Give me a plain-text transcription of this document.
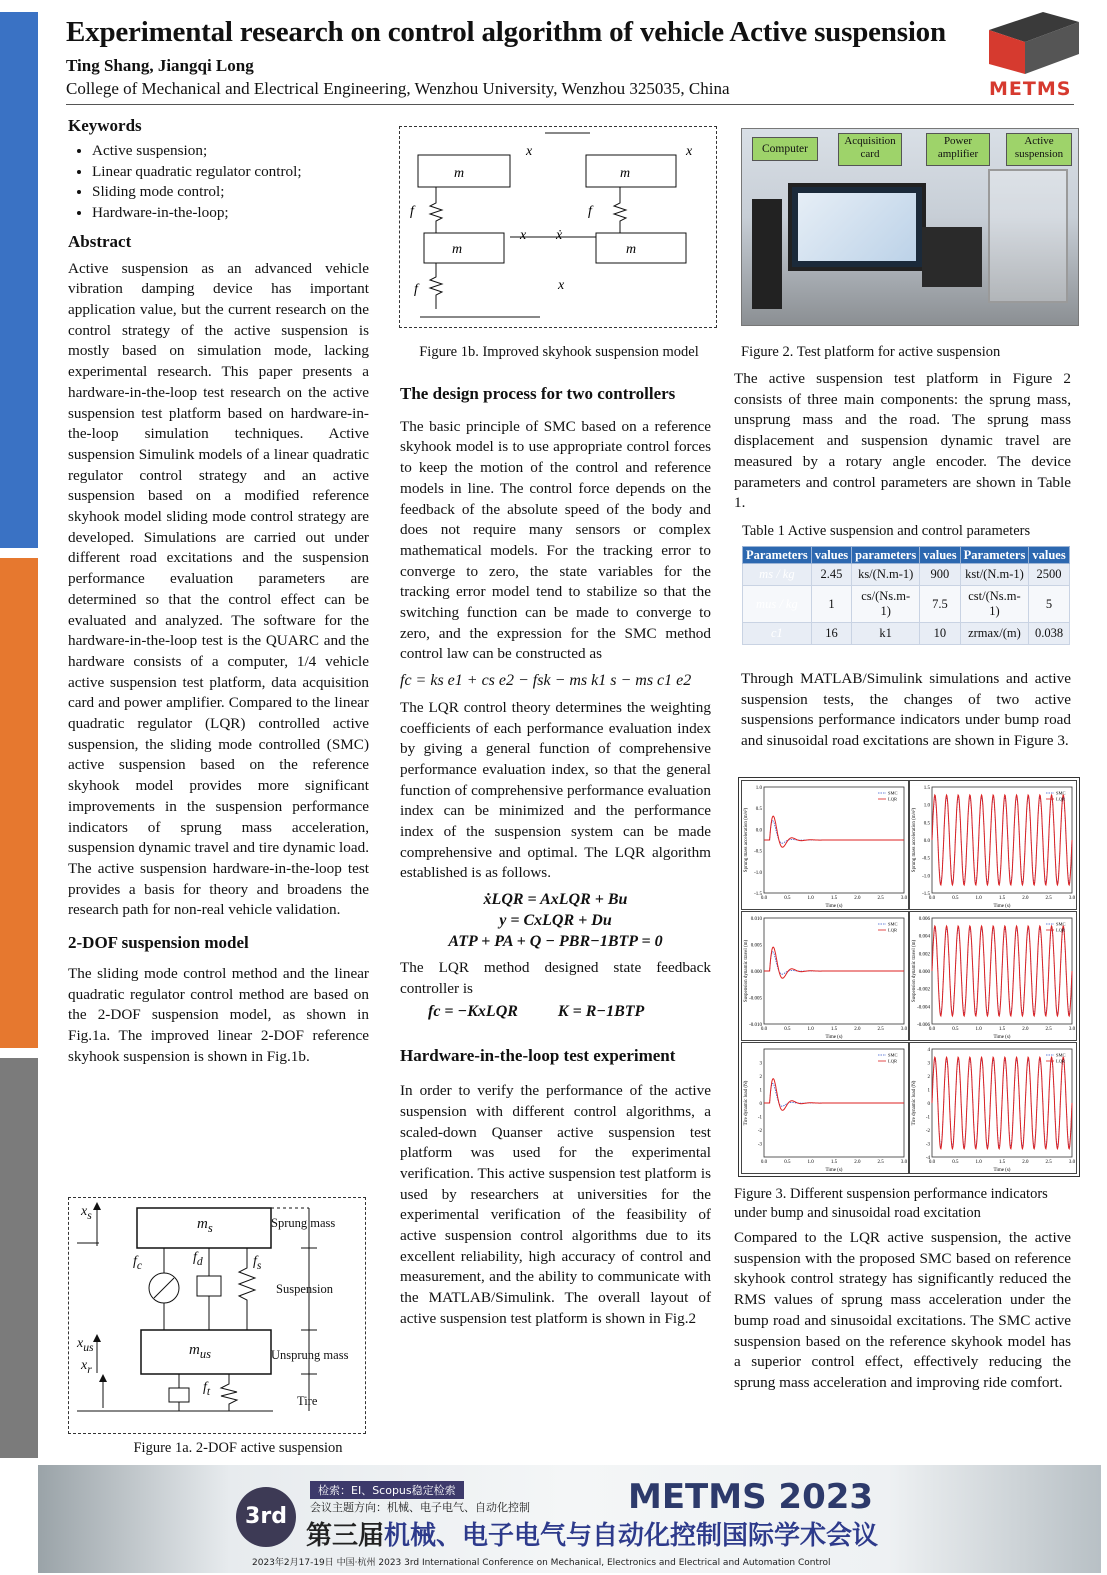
Experimental research on control algorithm of vehicle Active suspension
Ting Shang, Jiangqi Long
College of Mechanical and Electrical Engineering, Wenzhou University, Wenzhou 325035, China	METMS
Keywords
• Active suspension;
• Linear quadratic regulator control;
• Sliding mode control;
• Hardware-in-the-loop;
Abstract

Active suspension as an advanced vehicle vibration damping device has important application value, but the current research on the control strategy of the active suspension is mostly based on simulation mode, lacking experimental research. This paper presents a hardware-in-the-loop test research on the active suspension test platform based on hardware-in-the-loop simulation techniques. Active suspension Simulink models of a linear quadratic regulator control strategy and an active suspension based on a modified reference skyhook model sliding mode control strategy are developed. Simulations are carried out under different road excitations and the suspension performance evaluation parameters are determined so that the control effect can be evaluated and analyzed. The software for the hardware-in-the-loop test is the QUARC and the hardware consists of a computer, 1/4 vehicle active suspension test platform, data acquisition card and power amplifier. Compared to the linear quadratic regulator (LQR) controlled active suspension, the sliding mode controlled (SMC) active suspension based on the reference skyhook model provides more significant improvements in the suspension performance indicators of sprung mass acceleration, suspension dynamic travel and tire dynamic load. The active suspension hardware-in-the-loop test provides a basis for theory and broadens the research path for non-real vehicle validation.

2-DOF suspension model

The sliding mode control method and the linear quadratic regulator control method are based on the 2-DOF suspension model, as shown in Fig.1a. The improved linear 2-DOF reference skyhook suspension is shown in Fig.1b.

$m_s$
$m_{us}$
$x_s$
$x_{us}$
$x_r$
$f_c$
$f_d$	$f_s$
$f_t$
Sprung mass
Suspension
Unsprung mass
Tire
Figure 1a. 2-DOF active suspension
m	m
m	m
f	f
f
x ẋ
x
x	x
Figure 1b. Improved skyhook suspension model
The design process for two controllers

The basic principle of SMC based on a reference skyhook model is to use appropriate control forces to keep the motion of the control and reference models in line. The control force depends on the feedback of the absolute speed of the body and does not require many sensors or complex mathematical models. For the tracking error to converge to zero, the state variables for the tracking error model tend to stabilize so that the switching function can be made to converge to zero, and the expression for the SMC method control law can be constructed as

fc = ks e1 + cs e2 − fsk − ms k1 s − ms c1 e2

The LQR control theory determines the weighting coefficients of each performance evaluation index by giving a general function of comprehensive performance evaluation index, so that the general function of comprehensive performance evaluation index can be minimized and the performance index of the suspension system can be made comprehensive and optimal. The LQR algorithm established is as follows.

ẋLQR = AxLQR + Bu
y = CxLQR + Du
ATP + PA + Q − PBR−1BTP = 0

The LQR method designed state feedback controller is

fc = −KxLQR	K = R−1BTP
Hardware-in-the-loop test experiment

In order to verify the performance of the active suspension with different control algorithms, a scaled-down Quanser active suspension test platform was used for the experimental verification. This active suspension test platform is used by researchers at universities for the experimental verification of the feasibility of active suspension control algorithms due to its excellent reliability, high accuracy of control and measurement, and the ability to communicate with the MATLAB/Simulink. The overall layout of active suspension test platform is shown in Fig.2

Computer
Acquisition card
Power amplifier
Active suspension
Figure 2. Test platform for active suspension

The active suspension test platform in Figure 2 consists of three main components: the sprung mass, unsprung mass and the road. The sprung mass displacement and suspension dynamic travel are measured by a rotary angle encoder. The device parameters and control parameters are shown in Table 1.

Table 1 Active suspension and control parameters
Parameters	values	parameters	values	Parameters	values
ms / kg	2.45	ks/(N.m-1)	900	kst/(N.m-1)	2500
mus / kg	1	cs/(Ns.m-1)	7.5	cst/(Ns.m-1)	5
c1	16	k1	10	zrmax/(m)	0.038

Through MATLAB/Simulink simulations and active suspension tests, the changes of two active suspensions performance indicators under bump road and sinusoidal road excitations are shown in Figure 3.

1.0
0.5
0.0
-0.5
-1.0
-1.5
0.0	0.5	1.0	1.5	2.0	2.5	3.0
Time (s)
Sprung mass acceleration (m/s²)
SMC
LQR
1.5
1.0
0.5
0.0
-0.5
-1.0
-1.5
0.0	0.5	1.0	1.5	2.0	2.5	3.0
Time (s)
Sprung mass acceleration (m/s²)
SMC
LQR
0.010
0.005
0.000
-0.005
-0.010
0.0	0.5	1.0	1.5	2.0	2.5	3.0
Time (s)
Suspension dynamic travel (m)
SMC
LQR
0.006
0.004
0.002
0.000
-0.002
-0.004
-0.006
0.0	0.5	1.0	1.5	2.0	2.5	3.0
Time (s)
Suspension dynamic travel (m)
SMC
LQR
3
2
1
0
-1
-2
-3
0.0	0.5	1.0	1.5	2.0	2.5	3.0
Time (s)
Tire dynamic load (N)
SMC
LQR
4
3
2
1
0
-1
-2
-3
-4
0.0	0.5	1.0	1.5	2.0	2.5	3.0
Time (s)
Tire dynamic load (N)
SMC
LQR
Figure 3. Different suspension performance indicators under bump and sinusoidal road excitation

Compared to the LQR active suspension, the active suspension with the proposed SMC based on reference skyhook control strategy has significantly reduced the RMS values of sprung mass acceleration under the bump road and sinusoidal excitations. The SMC active suspension based on the reference skyhook model has a superior control effect, effectively reducing the sprung mass acceleration and improving ride comfort.

3rd
检索：EI、Scopus稳定检索
会议主题方向：机械、电子电气、自动化控制	METMS 2023
第三届机械、电子电气与自动化控制国际学术会议
2023年2月17-19日 中国·杭州 2023 3rd International Conference on Mechanical, Electronics and Electrical and Automation Control
